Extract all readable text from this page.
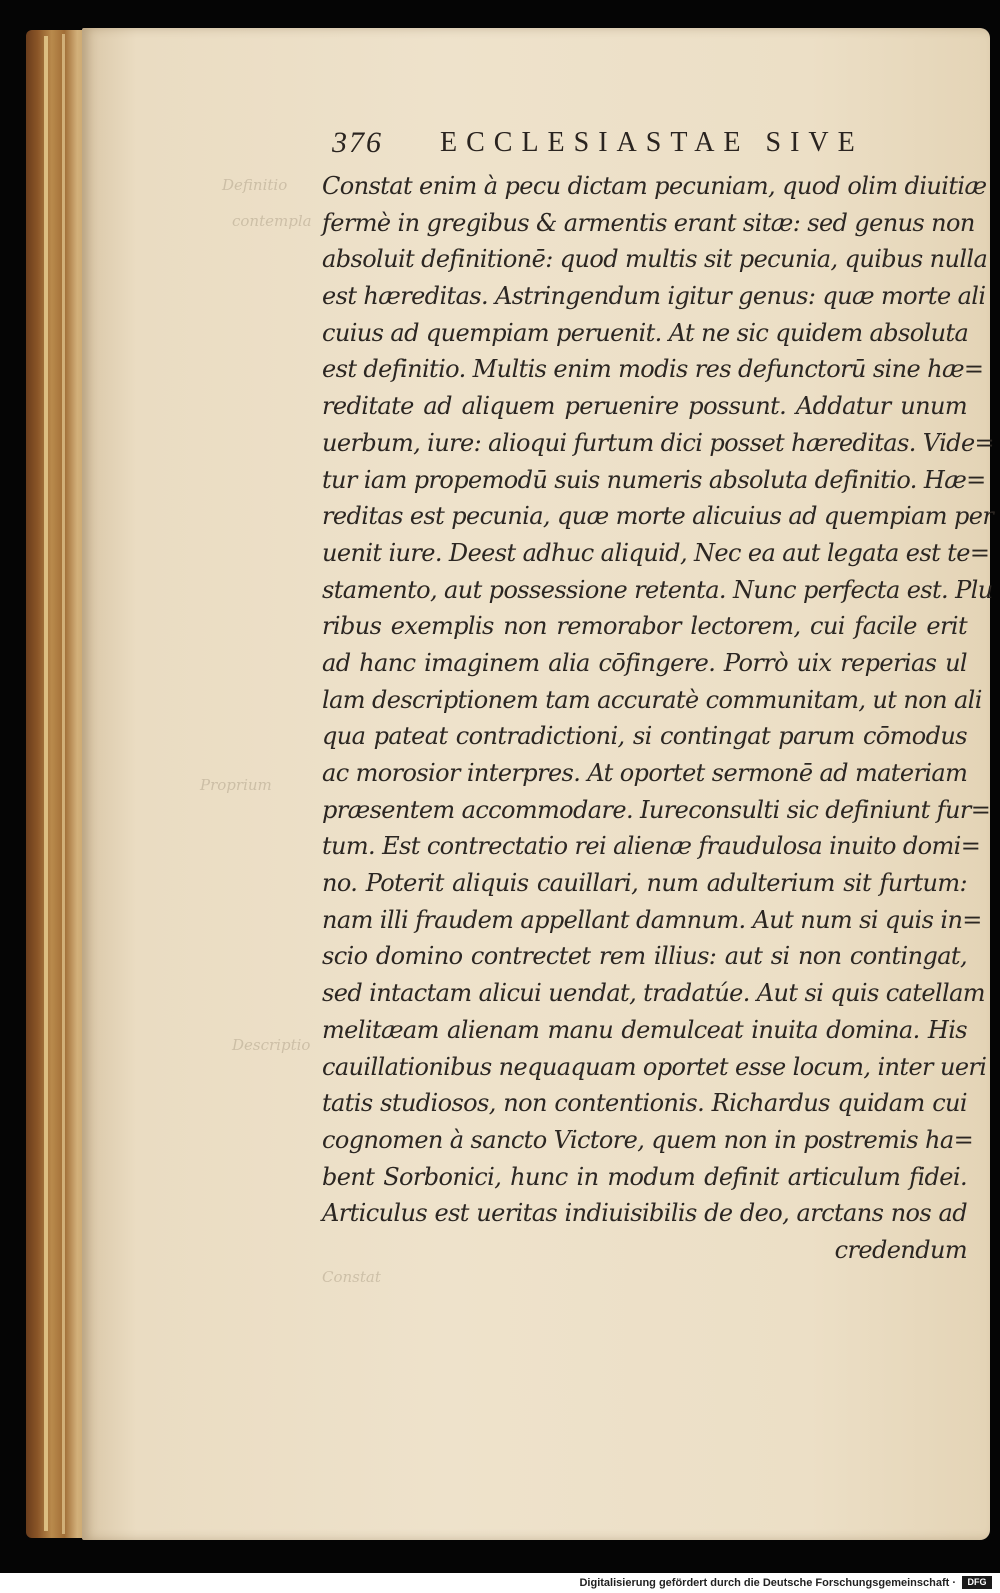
Definitio
contempla
Proprium
Descriptio
Constat
376 ECCLESIASTAE SIVE
Constat enim à pecu dictam pecuniam, quod olim diuitiæ
fermè in gregibus & armentis erant sitæ: sed genus non
absoluit definitionē: quod multis sit pecunia, quibus nulla
est hæreditas. Astringendum igitur genus: quæ morte ali
cuius ad quempiam peruenit. At ne sic quidem absoluta
est definitio. Multis enim modis res defunctorū sine hæ=
reditate ad aliquem peruenire possunt. Addatur unum
uerbum, iure: alioqui furtum dici posset hæreditas. Vide=
tur iam propemodū suis numeris absoluta definitio. Hæ=
reditas est pecunia, quæ morte alicuius ad quempiam per
uenit iure. Deest adhuc aliquid, Nec ea aut legata est te=
stamento, aut possessione retenta. Nunc perfecta est. Plu
ribus exemplis non remorabor lectorem, cui facile erit
ad hanc imaginem alia cōfingere. Porrò uix reperias ul
lam descriptionem tam accuratè communitam, ut non ali
qua pateat contradictioni, si contingat parum cōmodus
ac morosior interpres. At oportet sermonē ad materiam
præsentem accommodare. Iureconsulti sic definiunt fur=
tum. Est contrectatio rei alienæ fraudulosa inuito domi=
no. Poterit aliquis cauillari, num adulterium sit furtum:
nam illi fraudem appellant damnum. Aut num si quis in=
scio domino contrectet rem illius: aut si non contingat,
sed intactam alicui uendat, tradatúe. Aut si quis catellam
melitæam alienam manu demulceat inuita domina. His
cauillationibus nequaquam oportet esse locum, inter ueri
tatis studiosos, non contentionis. Richardus quidam cui
cognomen à sancto Victore, quem non in postremis ha=
bent Sorbonici, hunc in modum definit articulum fidei.
Articulus est ueritas indiuisibilis de deo, arctans nos ad
credendum
Digitalisierung gefördert durch die Deutsche Forschungsgemeinschaft ·	DFG
